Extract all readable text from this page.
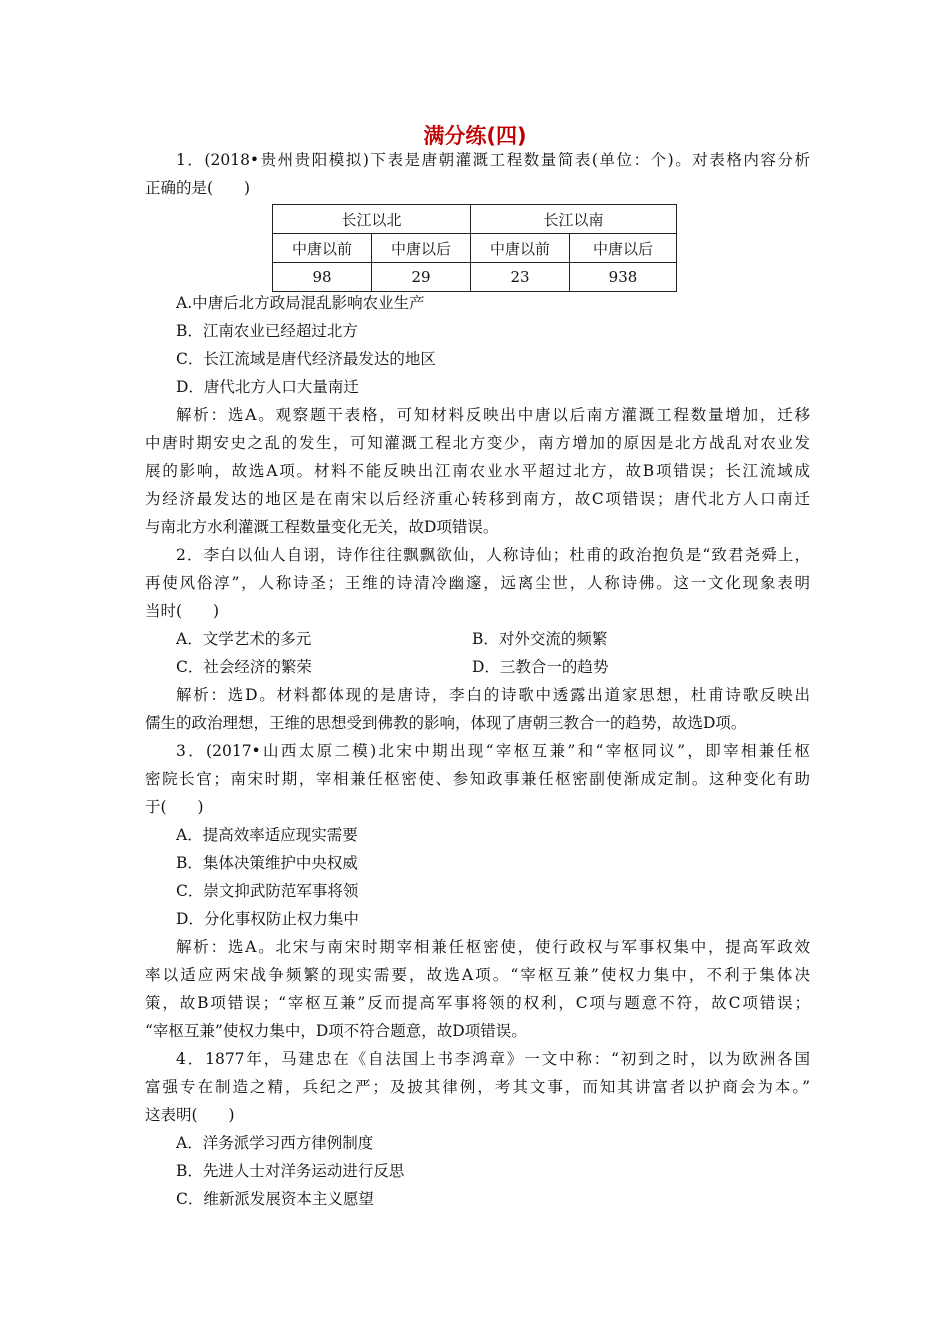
满分练(四)
1．(2018•贵州贵阳模拟)下表是唐朝灌溉工程数量简表(单位：个)。对表格内容分析
正确的是(　　)
长江以北		长江以南	
中唐以前	中唐以后	中唐以前	中唐以后
98	29	23	938
A.中唐后北方政局混乱影响农业生产
B．江南农业已经超过北方
C．长江流域是唐代经济最发达的地区
D．唐代北方人口大量南迁
解析：选A。观察题干表格，可知材料反映出中唐以后南方灌溉工程数量增加，迁移
中唐时期安史之乱的发生，可知灌溉工程北方变少，南方增加的原因是北方战乱对农业发
展的影响，故选A项。材料不能反映出江南农业水平超过北方，故B项错误；长江流域成
为经济最发达的地区是在南宋以后经济重心转移到南方，故C项错误；唐代北方人口南迁
与南北方水利灌溉工程数量变化无关，故D项错误。
2．李白以仙人自诩，诗作往往飘飘欲仙，人称诗仙；杜甫的政治抱负是“致君尧舜上，
再使风俗淳”，人称诗圣；王维的诗清冷幽邃，远离尘世，人称诗佛。这一文化现象表明
当时(　　)
A．文学艺术的多元	B．对外交流的频繁
C．社会经济的繁荣	D．三教合一的趋势
解析：选D。材料都体现的是唐诗，李白的诗歌中透露出道家思想，杜甫诗歌反映出
儒生的政治理想，王维的思想受到佛教的影响，体现了唐朝三教合一的趋势，故选D项。
3．(2017•山西太原二模)北宋中期出现“宰枢互兼”和“宰枢同议”，即宰相兼任枢
密院长官；南宋时期，宰相兼任枢密使、参知政事兼任枢密副使渐成定制。这种变化有助
于(　　)
A．提高效率适应现实需要
B．集体决策维护中央权威
C．崇文抑武防范军事将领
D．分化事权防止权力集中
解析：选A。北宋与南宋时期宰相兼任枢密使，使行政权与军事权集中，提高军政效
率以适应两宋战争频繁的现实需要，故选A项。“宰枢互兼”使权力集中，不利于集体决
策，故B项错误；“宰枢互兼”反而提高军事将领的权利，C项与题意不符，故C项错误；
“宰枢互兼”使权力集中，D项不符合题意，故D项错误。
4．1877年，马建忠在《自法国上书李鸿章》一文中称：“初到之时，以为欧洲各国
富强专在制造之精，兵纪之严；及披其律例，考其文事，而知其讲富者以护商会为本。”
这表明(　　)
A．洋务派学习西方律例制度
B．先进人士对洋务运动进行反思
C．维新派发展资本主义愿望
